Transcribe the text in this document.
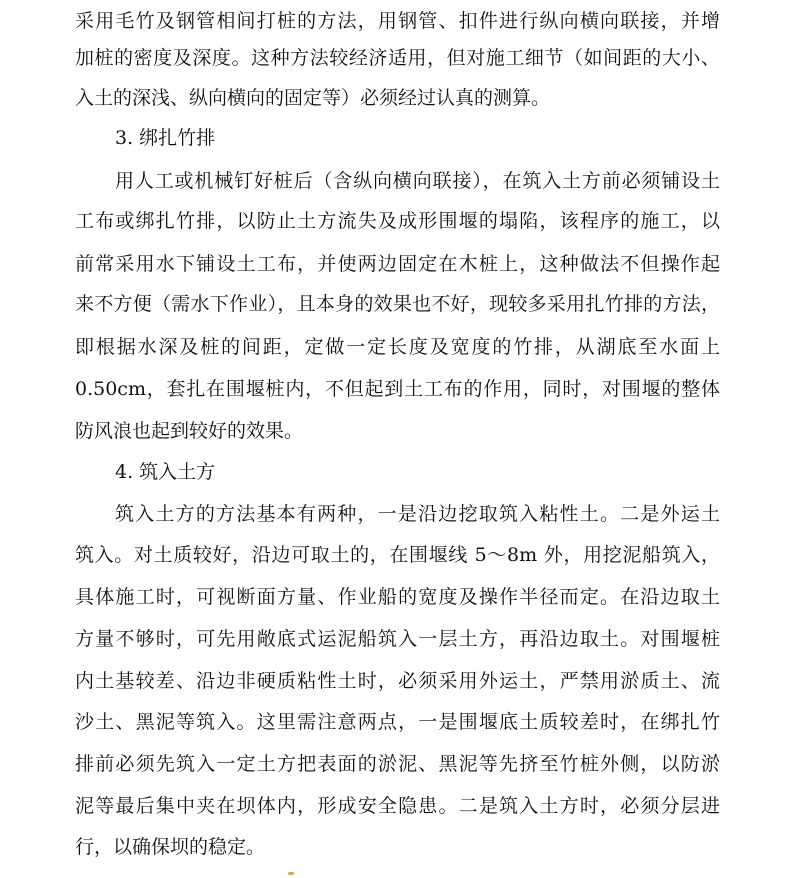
采用毛竹及钢管相间打桩的方法，用钢管、扣件进行纵向横向联接，并增
加桩的密度及深度。这种方法较经济适用，但对施工细节（如间距的大小、
入土的深浅、纵向横向的固定等）必须经过认真的测算。
3. 绑扎竹排
用人工或机械钉好桩后（含纵向横向联接），在筑入土方前必须铺设土
工布或绑扎竹排，以防止土方流失及成形围堰的塌陷，该程序的施工，以
前常采用水下铺设土工布，并使两边固定在木桩上，这种做法不但操作起
来不方便（需水下作业），且本身的效果也不好，现较多采用扎竹排的方法，
即根据水深及桩的间距，定做一定长度及宽度的竹排，从湖底至水面上
0.50cm，套扎在围堰桩内，不但起到土工布的作用，同时，对围堰的整体
防风浪也起到较好的效果。
4. 筑入土方
筑入土方的方法基本有两种，一是沿边挖取筑入粘性土。二是外运土
筑入。对土质较好，沿边可取土的，在围堰线 5～8m 外，用挖泥船筑入，
具体施工时，可视断面方量、作业船的宽度及操作半径而定。在沿边取土
方量不够时，可先用敞底式运泥船筑入一层土方，再沿边取土。对围堰桩
内土基较差、沿边非硬质粘性土时，必须采用外运土，严禁用淤质土、流
沙土、黑泥等筑入。这里需注意两点，一是围堰底土质较差时，在绑扎竹
排前必须先筑入一定土方把表面的淤泥、黑泥等先挤至竹桩外侧，以防淤
泥等最后集中夹在坝体内，形成安全隐患。二是筑入土方时，必须分层进
行，以确保坝的稳定。
